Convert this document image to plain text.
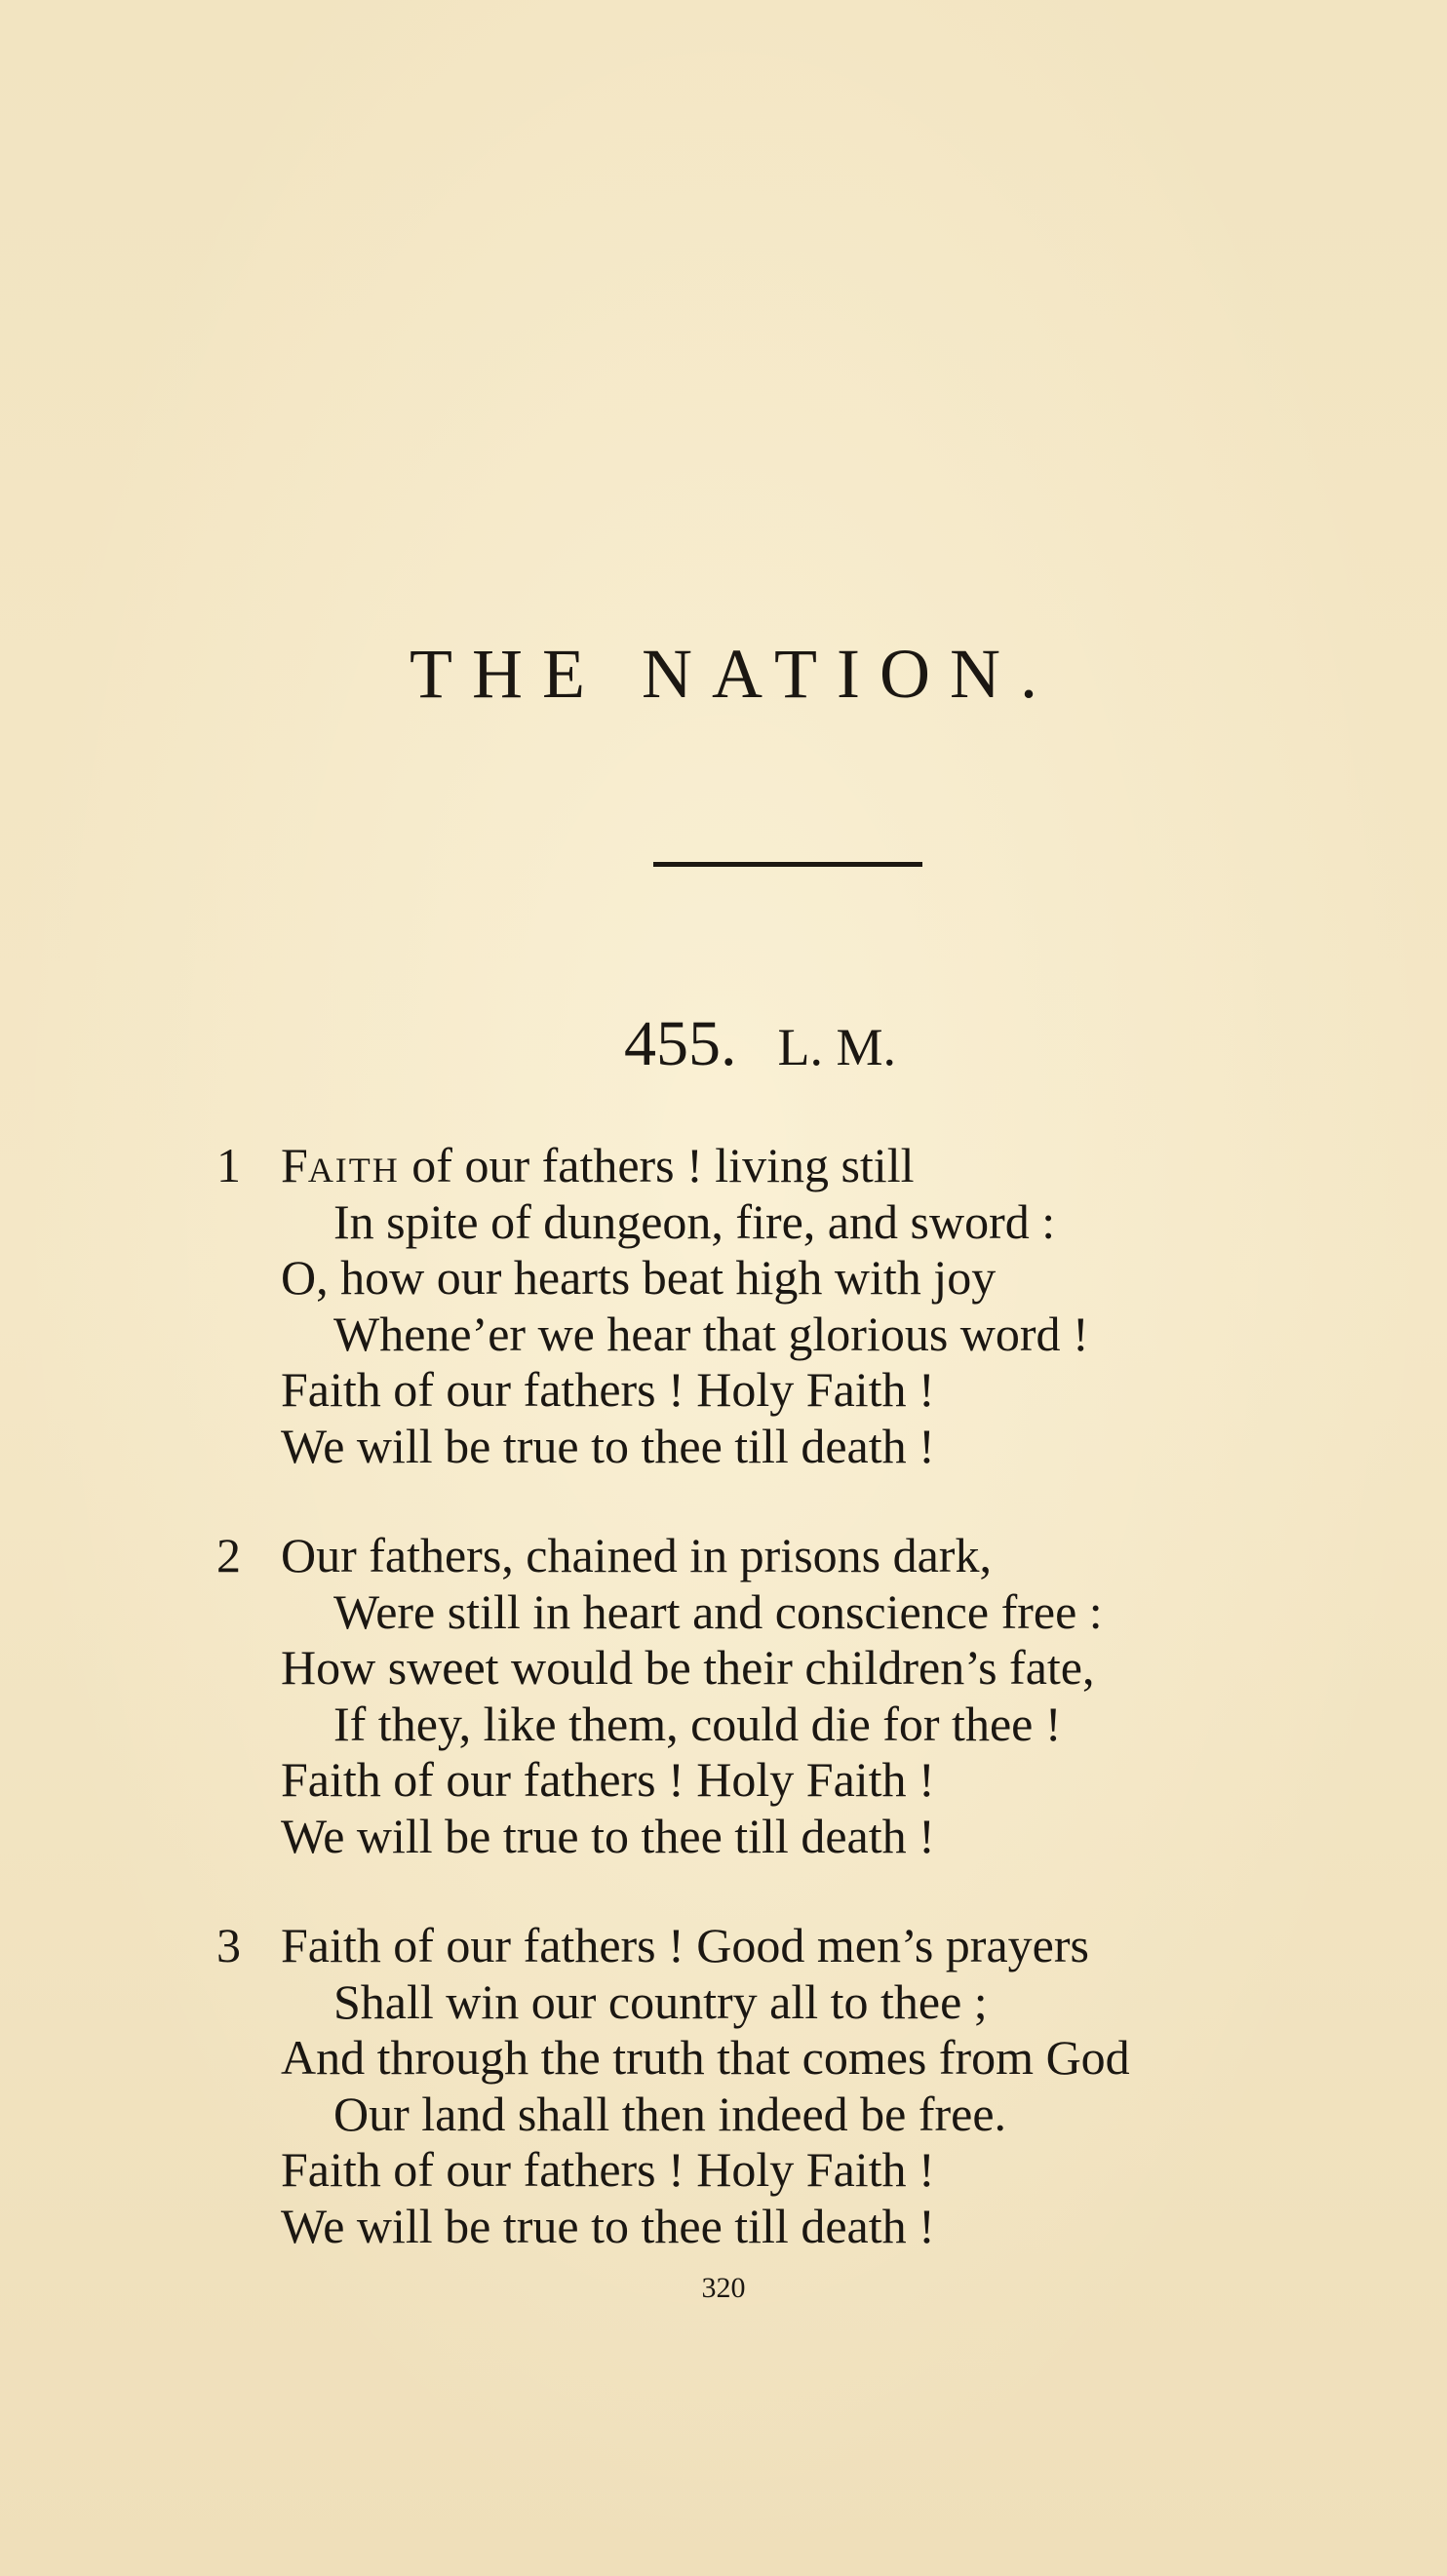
THE NATION.
455. L. M.
1 FAITH of our fathers ! living still
In spite of dungeon, fire, and sword :
O, how our hearts beat high with joy
Whene’er we hear that glorious word !
Faith of our fathers ! Holy Faith !
We will be true to thee till death !
2 Our fathers, chained in prisons dark,
Were still in heart and conscience free :
How sweet would be their children’s fate,
If they, like them, could die for thee !
Faith of our fathers ! Holy Faith !
We will be true to thee till death !
3 Faith of our fathers ! Good men’s prayers
Shall win our country all to thee ;
And through the truth that comes from God
Our land shall then indeed be free.
Faith of our fathers ! Holy Faith !
We will be true to thee till death !
320
